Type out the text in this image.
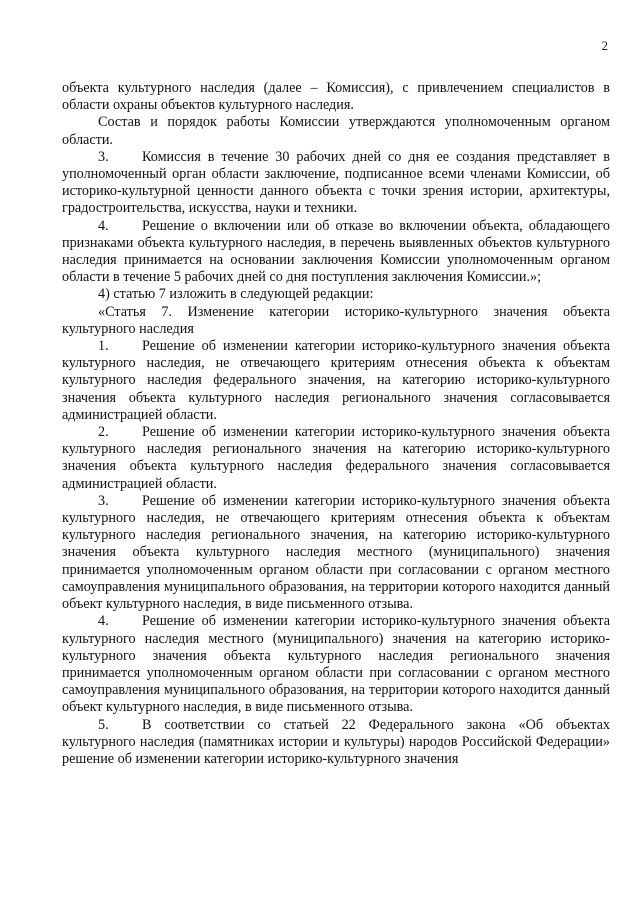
2

объекта культурного наследия (далее – Комиссия), с привлечением специалистов в области охраны объектов культурного наследия.

Состав и порядок работы Комиссии утверждаются уполномоченным органом области.

3. Комиссия в течение 30 рабочих дней со дня ее создания представляет в уполномоченный орган области заключение, подписанное всеми членами Комиссии, об историко-культурной ценности данного объекта с точки зрения истории, архитектуры, градостроительства, искусства, науки и техники.

4. Решение о включении или об отказе во включении объекта, обладающего признаками объекта культурного наследия, в перечень выявленных объектов культурного наследия принимается на основании заключения Комиссии уполномоченным органом области в течение 5 рабочих дней со дня поступления заключения Комиссии.»;

4) статью 7 изложить в следующей редакции:

«Статья 7. Изменение категории историко-культурного значения объекта культурного наследия

1. Решение об изменении категории историко-культурного значения объекта культурного наследия, не отвечающего критериям отнесения объекта к объектам культурного наследия федерального значения, на категорию историко-культурного значения объекта культурного наследия регионального значения согласовывается администрацией области.

2. Решение об изменении категории историко-культурного значения объекта культурного наследия регионального значения на категорию историко-культурного значения объекта культурного наследия федерального значения согласовывается администрацией области.

3. Решение об изменении категории историко-культурного значения объекта культурного наследия, не отвечающего критериям отнесения объекта к объектам культурного наследия регионального значения, на категорию историко-культурного значения объекта культурного наследия местного (муниципального) значения принимается уполномоченным органом области при согласовании с органом местного самоуправления муниципального образования, на территории которого находится данный объект культурного наследия, в виде письменного отзыва.

4. Решение об изменении категории историко-культурного значения объекта культурного наследия местного (муниципального) значения на категорию историко-культурного значения объекта культурного наследия регионального значения принимается уполномоченным органом области при согласовании с органом местного самоуправления муниципального образования, на территории которого находится данный объект культурного наследия, в виде письменного отзыва.

5. В соответствии со статьей 22 Федерального закона «Об объектах культурного наследия (памятниках истории и культуры) народов Российской Федерации» решение об изменении категории историко-культурного значения
